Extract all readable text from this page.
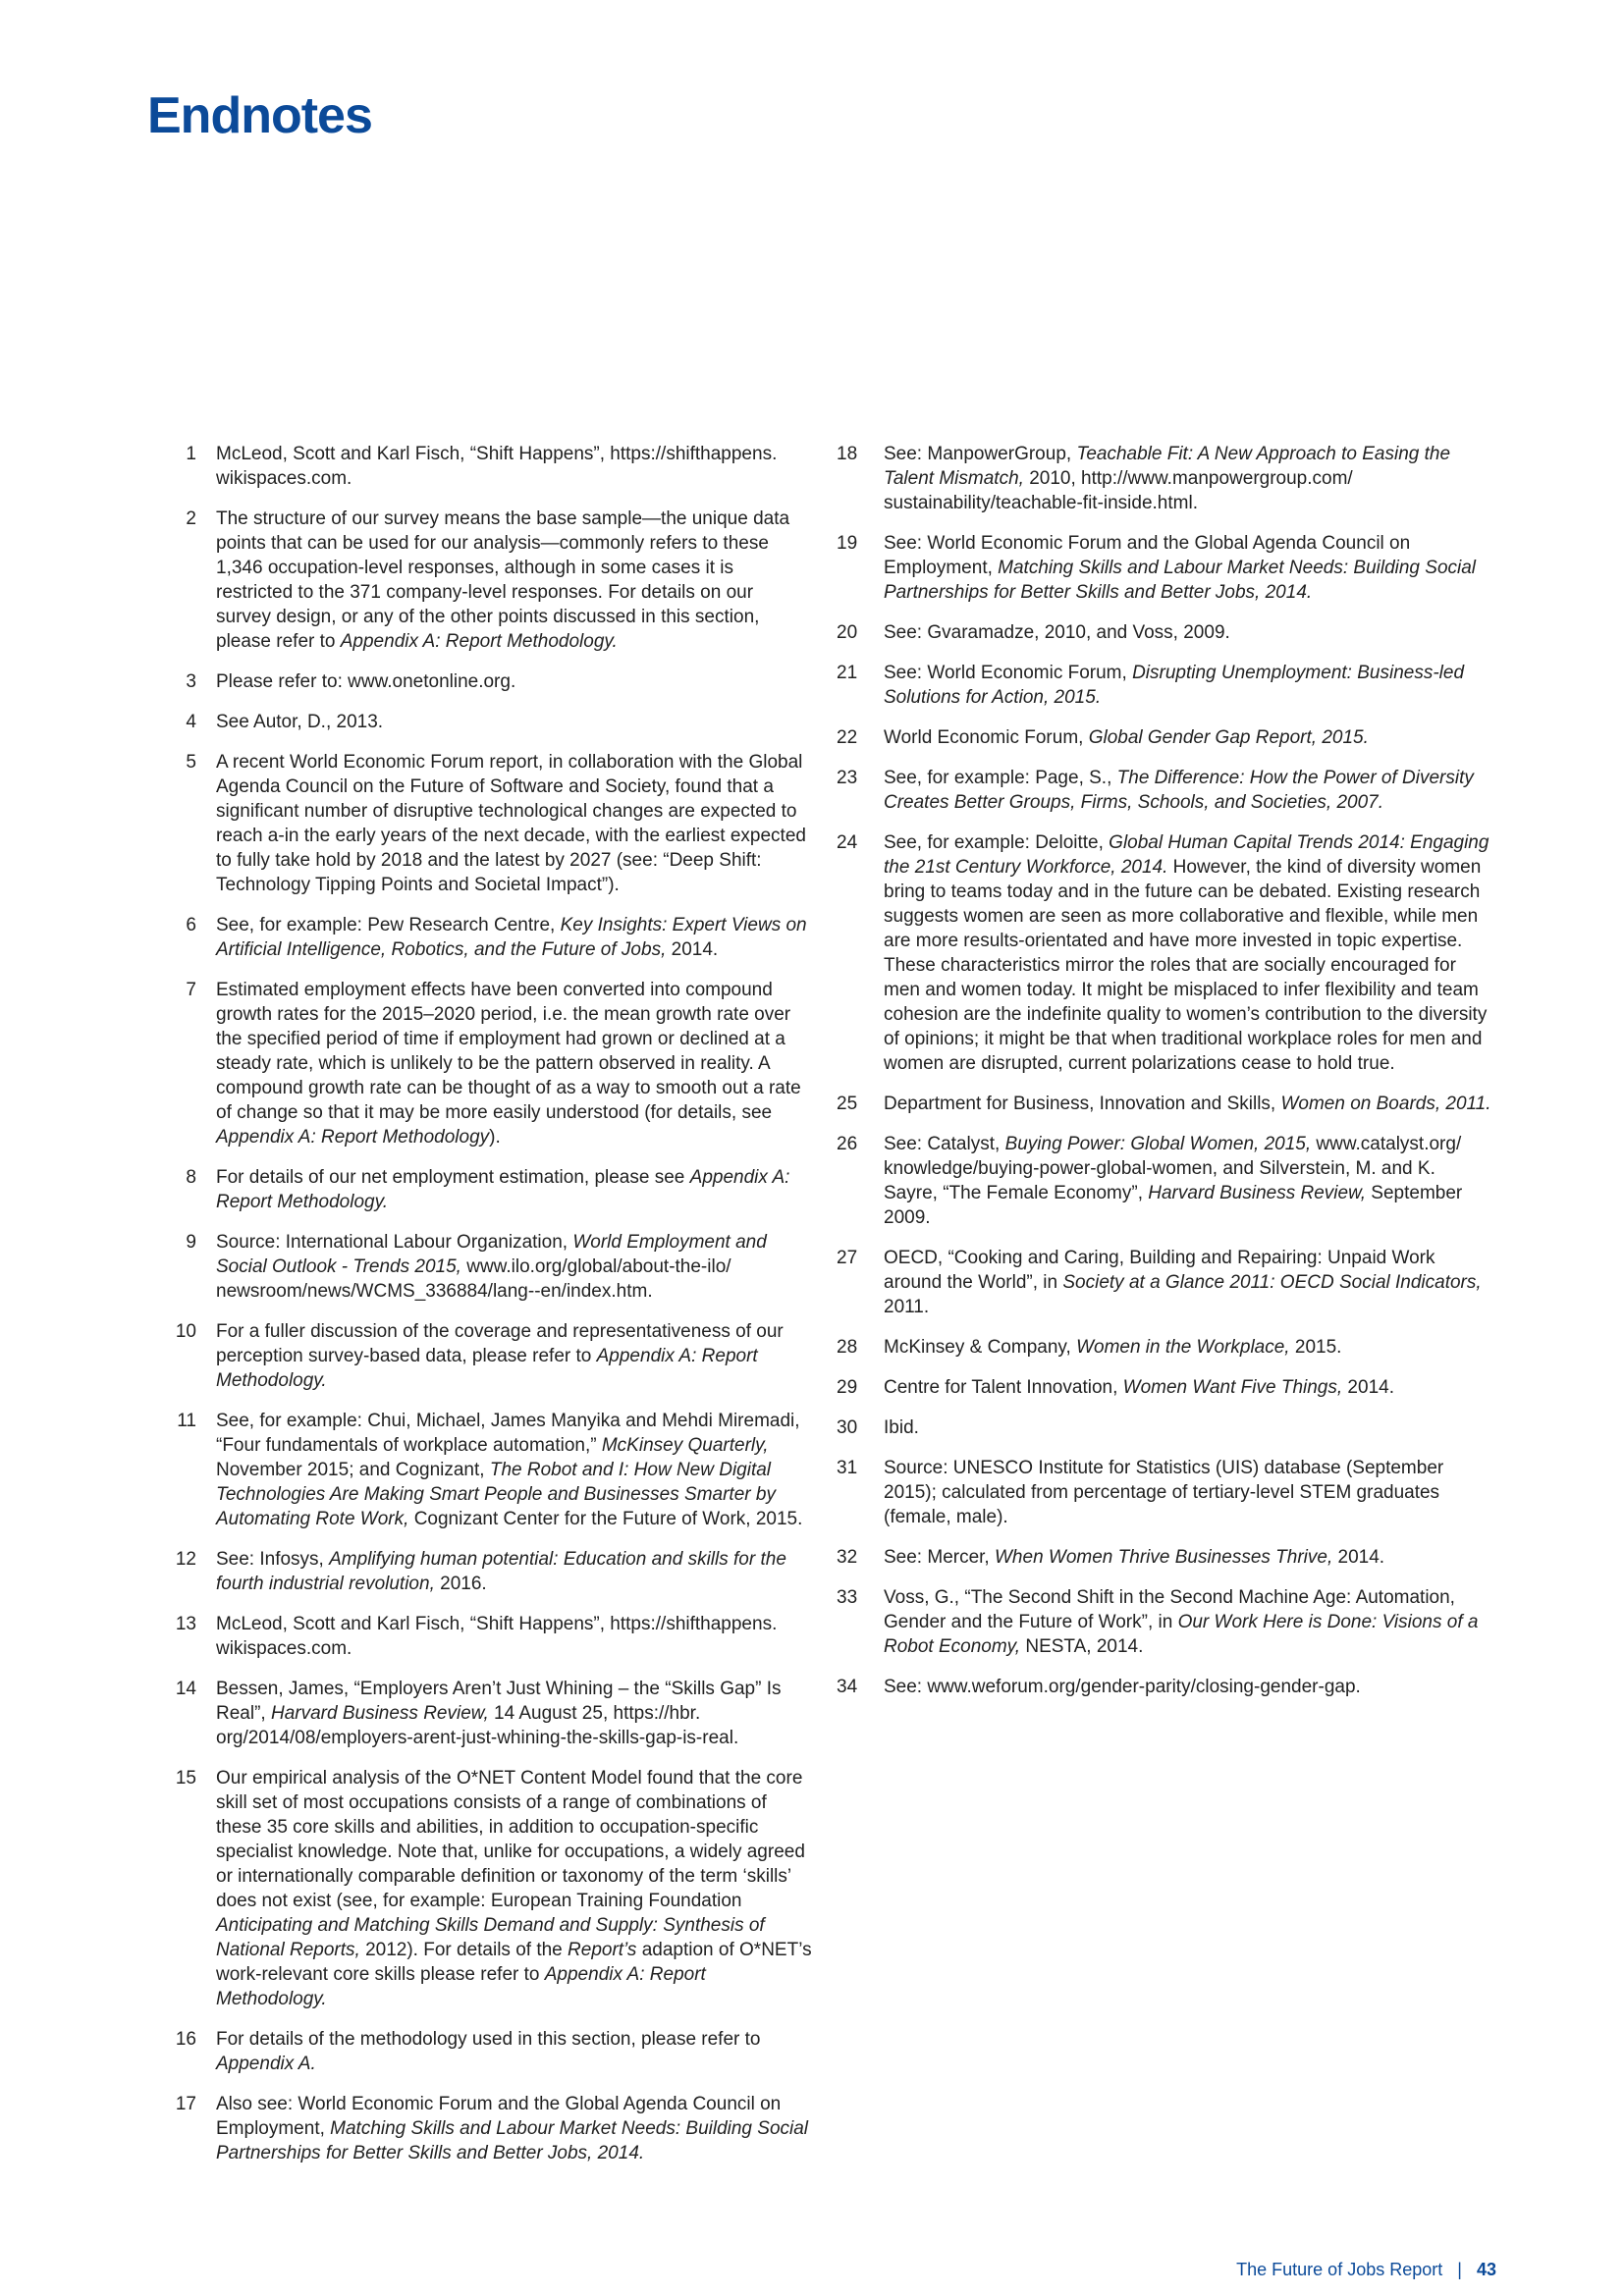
Endnotes
1	McLeod, Scott and Karl Fisch, “Shift Happens”, https://shifthappens. wikispaces.com.
2	The structure of our survey means the base sample—the unique data points that can be used for our analysis—commonly refers to these 1,346 occupation-level responses, although in some cases it is restricted to the 371 company-level responses. For details on our survey design, or any of the other points discussed in this section, please refer to Appendix A: Report Methodology.
3	Please refer to: www.onetonline.org.
4	See Autor, D., 2013.
5	A recent World Economic Forum report, in collaboration with the Global Agenda Council on the Future of Software and Society, found that a significant number of disruptive technological changes are expected to reach a-in the early years of the next decade, with the earliest expected to fully take hold by 2018 and the latest by 2027 (see: “Deep Shift: Technology Tipping Points and Societal Impact”).
6	See, for example: Pew Research Centre, Key Insights: Expert Views on Artificial Intelligence, Robotics, and the Future of Jobs, 2014.
7	Estimated employment effects have been converted into compound growth rates for the 2015–2020 period, i.e. the mean growth rate over the specified period of time if employment had grown or declined at a steady rate, which is unlikely to be the pattern observed in reality. A compound growth rate can be thought of as a way to smooth out a rate of change so that it may be more easily understood (for details, see Appendix A: Report Methodology).
8	For details of our net employment estimation, please see Appendix A: Report Methodology.
9	Source: International Labour Organization, World Employment and Social Outlook - Trends 2015, www.ilo.org/global/about-the-ilo/ newsroom/news/WCMS_336884/lang--en/index.htm.
10	For a fuller discussion of the coverage and representativeness of our perception survey-based data, please refer to Appendix A: Report Methodology.
11	See, for example: Chui, Michael, James Manyika and Mehdi Miremadi, “Four fundamentals of workplace automation,” McKinsey Quarterly, November 2015; and Cognizant, The Robot and I: How New Digital Technologies Are Making Smart People and Businesses Smarter by Automating Rote Work, Cognizant Center for the Future of Work, 2015.
12	See: Infosys, Amplifying human potential: Education and skills for the fourth industrial revolution, 2016.
13	McLeod, Scott and Karl Fisch, “Shift Happens”, https://shifthappens. wikispaces.com.
14	Bessen, James, “Employers Aren’t Just Whining – the “Skills Gap” Is Real”, Harvard Business Review, 14 August 25, https://hbr. org/2014/08/employers-arent-just-whining-the-skills-gap-is-real.
15	Our empirical analysis of the O*NET Content Model found that the core skill set of most occupations consists of a range of combinations of these 35 core skills and abilities, in addition to occupation-specific specialist knowledge. Note that, unlike for occupations, a widely agreed or internationally comparable definition or taxonomy of the term ‘skills’ does not exist (see, for example: European Training Foundation Anticipating and Matching Skills Demand and Supply: Synthesis of National Reports, 2012). For details of the Report’s adaption of O*NET’s work-relevant core skills please refer to Appendix A: Report Methodology.
16	For details of the methodology used in this section, please refer to Appendix A.
17	Also see: World Economic Forum and the Global Agenda Council on Employment, Matching Skills and Labour Market Needs: Building Social Partnerships for Better Skills and Better Jobs, 2014.
18	See: ManpowerGroup, Teachable Fit: A New Approach to Easing the Talent Mismatch, 2010, http://www.manpowergroup.com/ sustainability/teachable-fit-inside.html.
19	See: World Economic Forum and the Global Agenda Council on Employment, Matching Skills and Labour Market Needs: Building Social Partnerships for Better Skills and Better Jobs, 2014.
20	See: Gvaramadze, 2010, and Voss, 2009.
21	See: World Economic Forum, Disrupting Unemployment: Business-led Solutions for Action, 2015.
22	World Economic Forum, Global Gender Gap Report, 2015.
23	See, for example: Page, S., The Difference: How the Power of Diversity Creates Better Groups, Firms, Schools, and Societies, 2007.
24	See, for example: Deloitte, Global Human Capital Trends 2014: Engaging the 21st Century Workforce, 2014. However, the kind of diversity women bring to teams today and in the future can be debated. Existing research suggests women are seen as more collaborative and flexible, while men are more results-orientated and have more invested in topic expertise. These characteristics mirror the roles that are socially encouraged for men and women today. It might be misplaced to infer flexibility and team cohesion are the indefinite quality to women’s contribution to the diversity of opinions; it might be that when traditional workplace roles for men and women are disrupted, current polarizations cease to hold true.
25	Department for Business, Innovation and Skills, Women on Boards, 2011.
26	See: Catalyst, Buying Power: Global Women, 2015, www.catalyst.org/ knowledge/buying-power-global-women, and Silverstein, M. and K. Sayre, “The Female Economy”, Harvard Business Review, September 2009.
27	OECD, “Cooking and Caring, Building and Repairing: Unpaid Work around the World”, in Society at a Glance 2011: OECD Social Indicators, 2011.
28	McKinsey & Company, Women in the Workplace, 2015.
29	Centre for Talent Innovation, Women Want Five Things, 2014.
30	Ibid.
31	Source: UNESCO Institute for Statistics (UIS) database (September 2015); calculated from percentage of tertiary-level STEM graduates (female, male).
32	See: Mercer, When Women Thrive Businesses Thrive, 2014.
33	Voss, G., “The Second Shift in the Second Machine Age: Automation, Gender and the Future of Work”, in Our Work Here is Done: Visions of a Robot Economy, NESTA, 2014.
34	See: www.weforum.org/gender-parity/closing-gender-gap.
The Future of Jobs Report | 43
